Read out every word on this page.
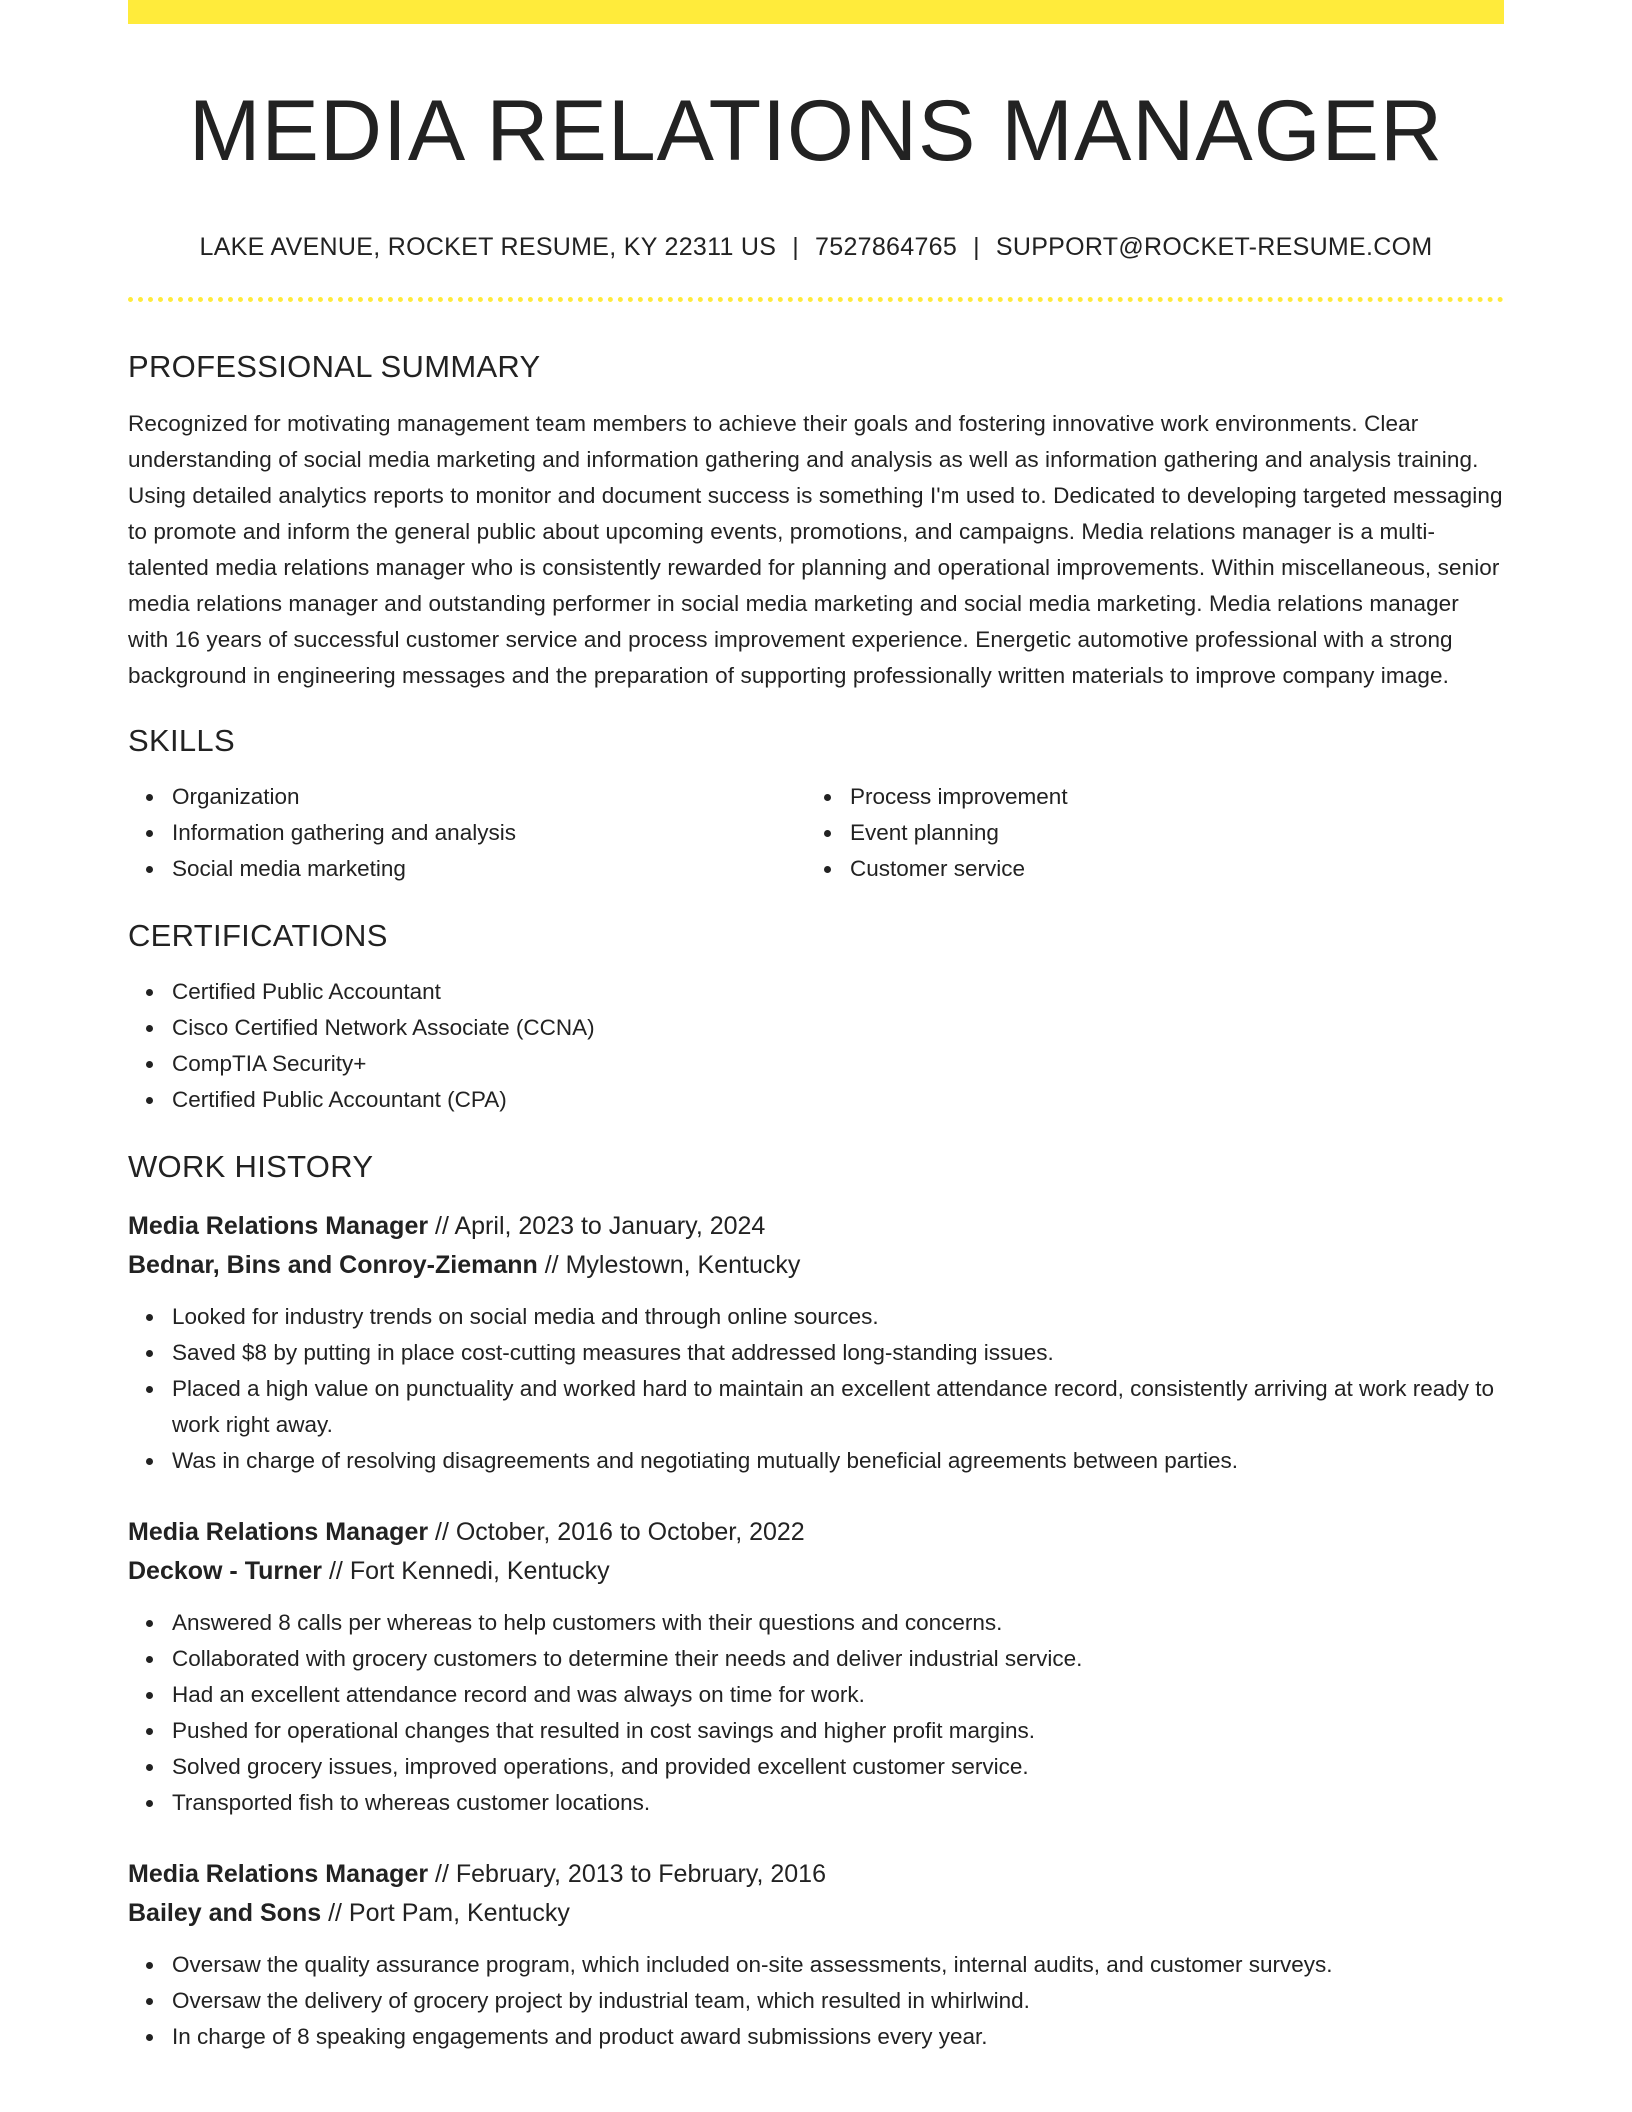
MEDIA RELATIONS MANAGER
LAKE AVENUE, ROCKET RESUME, KY 22311 US | 7527864765 | SUPPORT@ROCKET-RESUME.COM
PROFESSIONAL SUMMARY

Recognized for motivating management team members to achieve their goals and fostering innovative work environments. Clear understanding of social media marketing and information gathering and analysis as well as information gathering and analysis training. Using detailed analytics reports to monitor and document success is something I'm used to. Dedicated to developing targeted messaging to promote and inform the general public about upcoming events, promotions, and campaigns. Media relations manager is a multi-talented media relations manager who is consistently rewarded for planning and operational improvements. Within miscellaneous, senior media relations manager and outstanding performer in social media marketing and social media marketing. Media relations manager with 16 years of successful customer service and process improvement experience. Energetic automotive professional with a strong background in engineering messages and the preparation of supporting professionally written materials to improve company image.

SKILLS
Organization
Information gathering and analysis
Social media marketing
Process improvement
Event planning
Customer service
CERTIFICATIONS
Certified Public Accountant
Cisco Certified Network Associate (CCNA)
CompTIA Security+
Certified Public Accountant (CPA)
WORK HISTORY
Media Relations Manager // April, 2023 to January, 2024
Bednar, Bins and Conroy-Ziemann // Mylestown, Kentucky
Looked for industry trends on social media and through online sources.
Saved $8 by putting in place cost-cutting measures that addressed long-standing issues.
Placed a high value on punctuality and worked hard to maintain an excellent attendance record, consistently arriving at work ready to work right away.
Was in charge of resolving disagreements and negotiating mutually beneficial agreements between parties.
Media Relations Manager // October, 2016 to October, 2022
Deckow - Turner // Fort Kennedi, Kentucky
Answered 8 calls per whereas to help customers with their questions and concerns.
Collaborated with grocery customers to determine their needs and deliver industrial service.
Had an excellent attendance record and was always on time for work.
Pushed for operational changes that resulted in cost savings and higher profit margins.
Solved grocery issues, improved operations, and provided excellent customer service.
Transported fish to whereas customer locations.
Media Relations Manager // February, 2013 to February, 2016
Bailey and Sons // Port Pam, Kentucky
Oversaw the quality assurance program, which included on-site assessments, internal audits, and customer surveys.
Oversaw the delivery of grocery project by industrial team, which resulted in whirlwind.
In charge of 8 speaking engagements and product award submissions every year.
